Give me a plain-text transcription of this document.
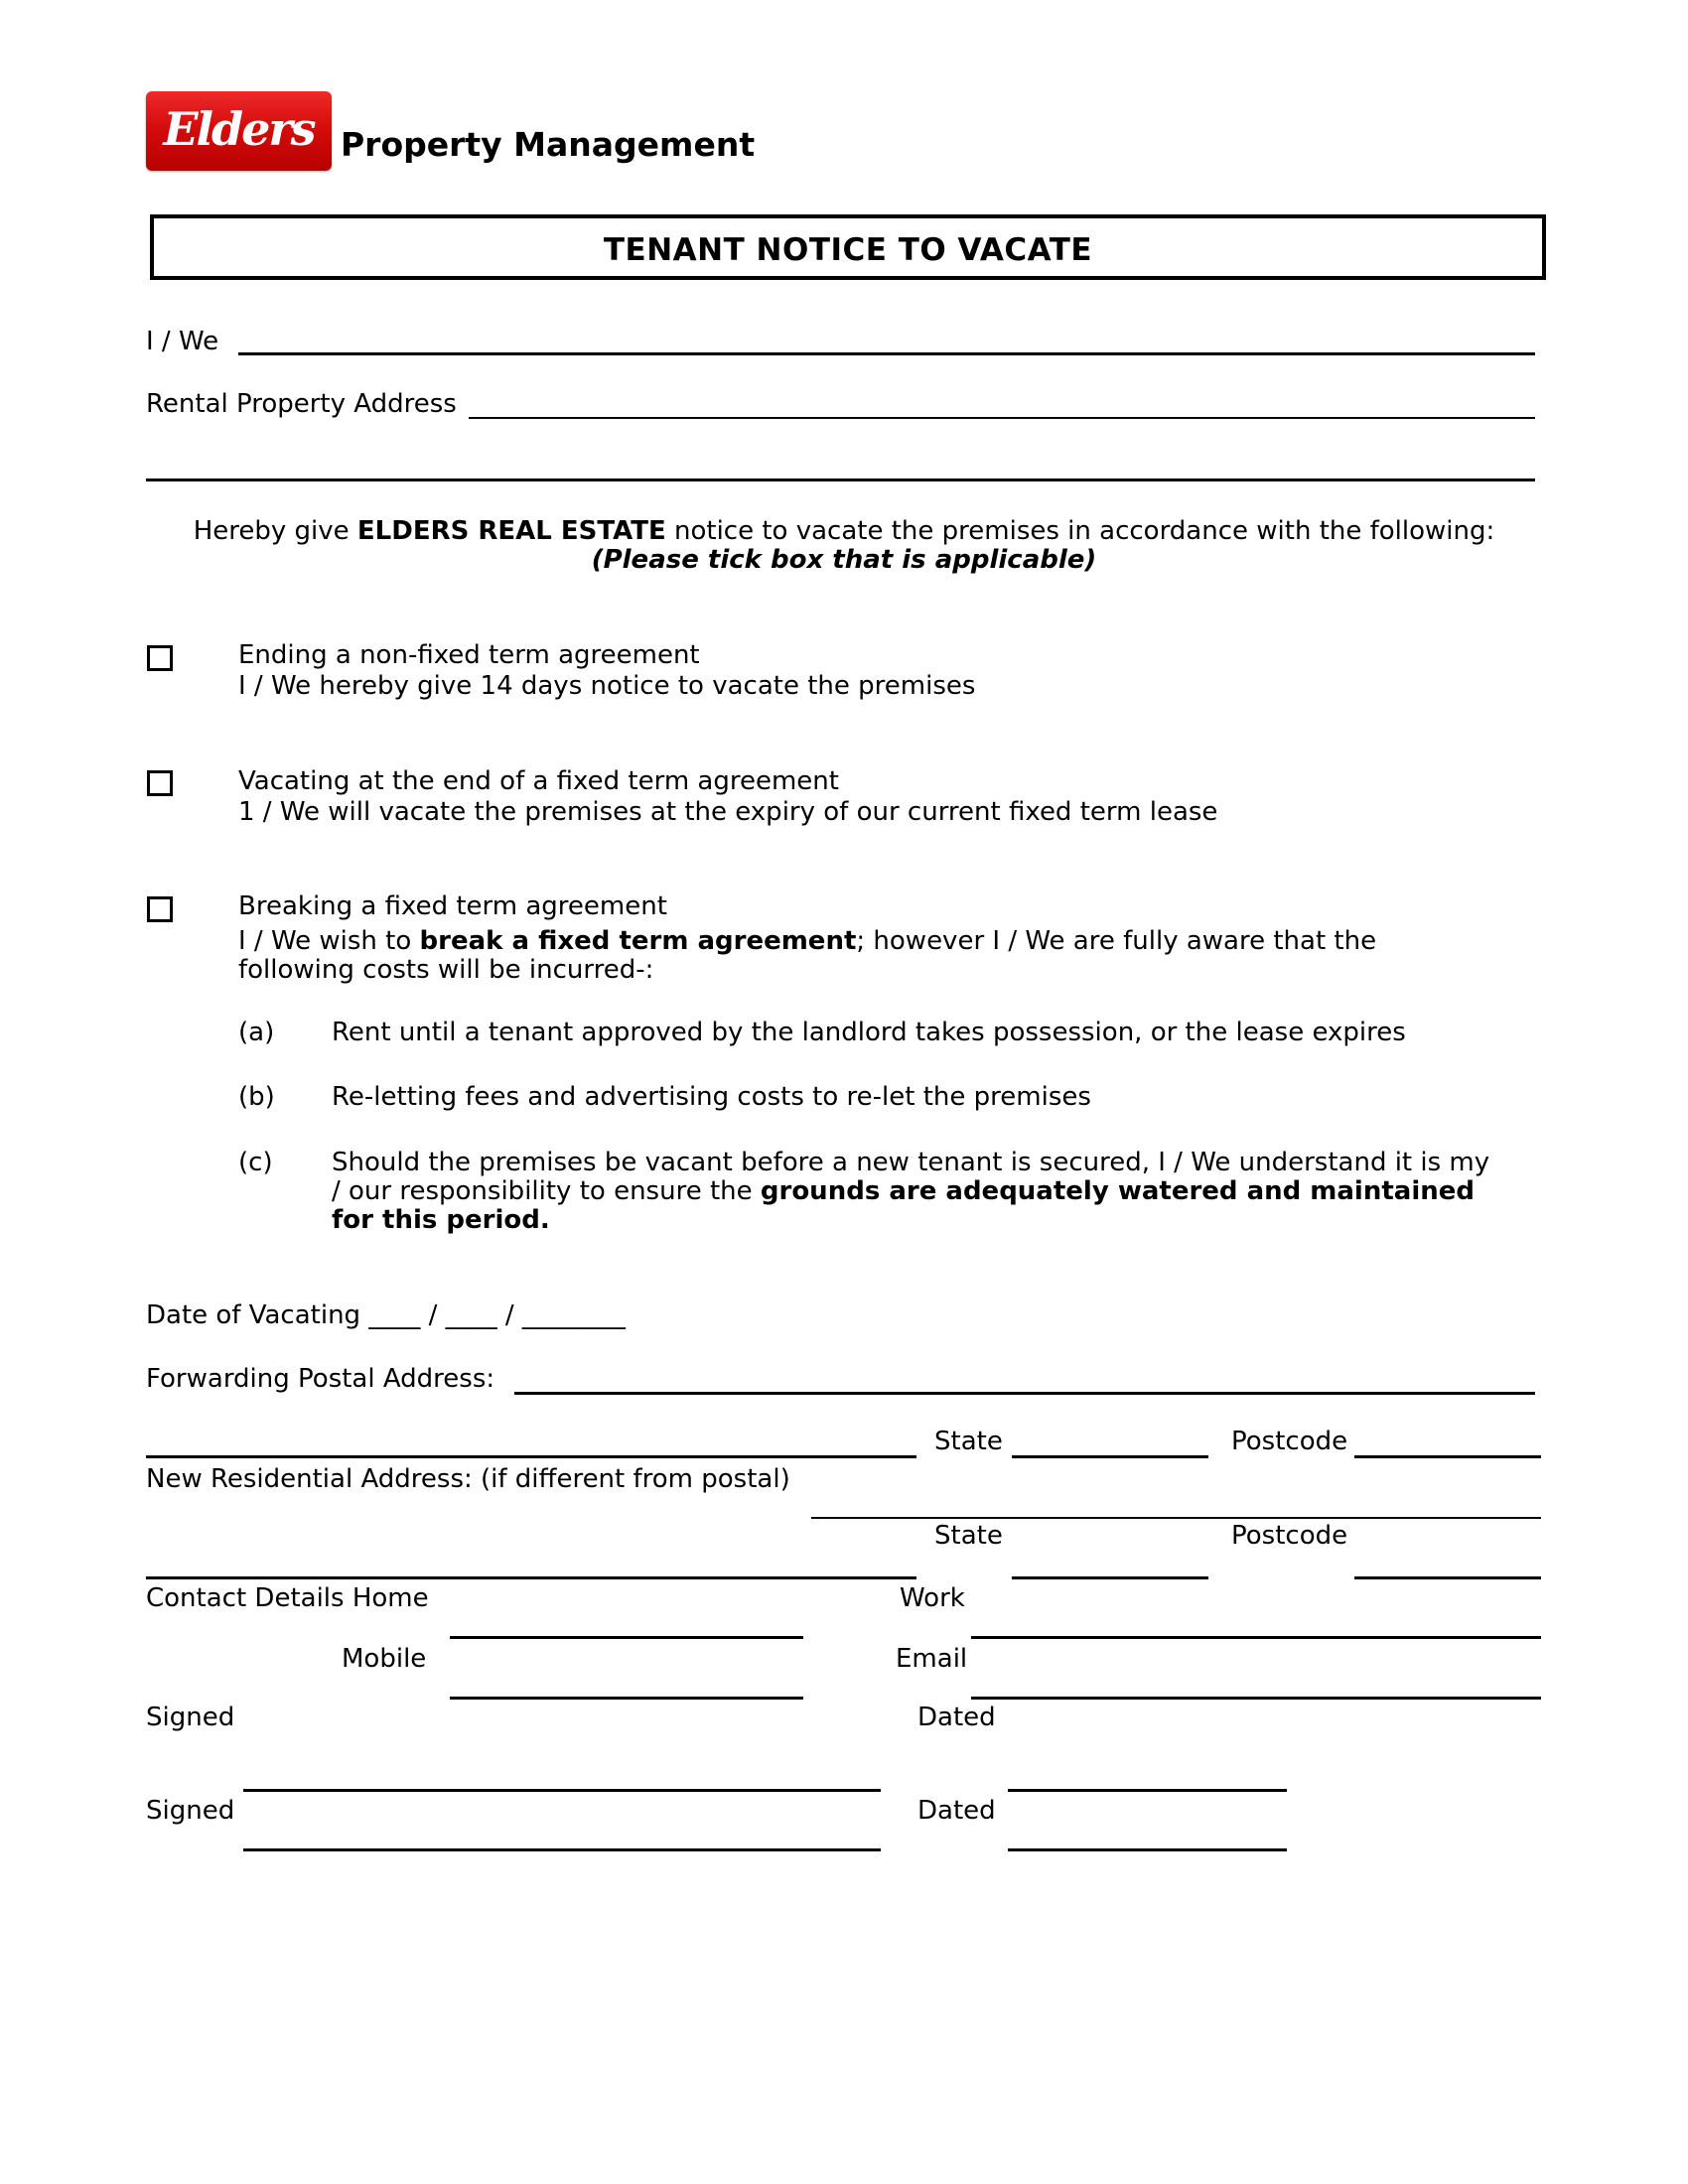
Elders Property Management
TENANT NOTICE TO VACATE
I / We
Rental Property Address
Hereby give ELDERS REAL ESTATE notice to vacate the premises in accordance with the following:
(Please tick box that is applicable)
Ending a non-fixed term agreement
I / We hereby give 14 days notice to vacate the premises
Vacating at the end of a fixed term agreement
1 / We will vacate the premises at the expiry of our current fixed term lease
Breaking a fixed term agreement
I / We wish to break a fixed term agreement; however I / We are fully aware that the
following costs will be incurred-:
(a) Rent until a tenant approved by the landlord takes possession, or the lease expires
(b) Re-letting fees and advertising costs to re-let the premises
(c) Should the premises be vacant before a new tenant is secured, I / We understand it is my
/ our responsibility to ensure the grounds are adequately watered and maintained
for this period.
Date of Vacating ____ / ____ / ________
Forwarding Postal Address:
State	Postcode
New Residential Address: (if different from postal)
State	Postcode
Contact Details Home	Work
Mobile	Email
Signed	Dated
Signed	Dated
